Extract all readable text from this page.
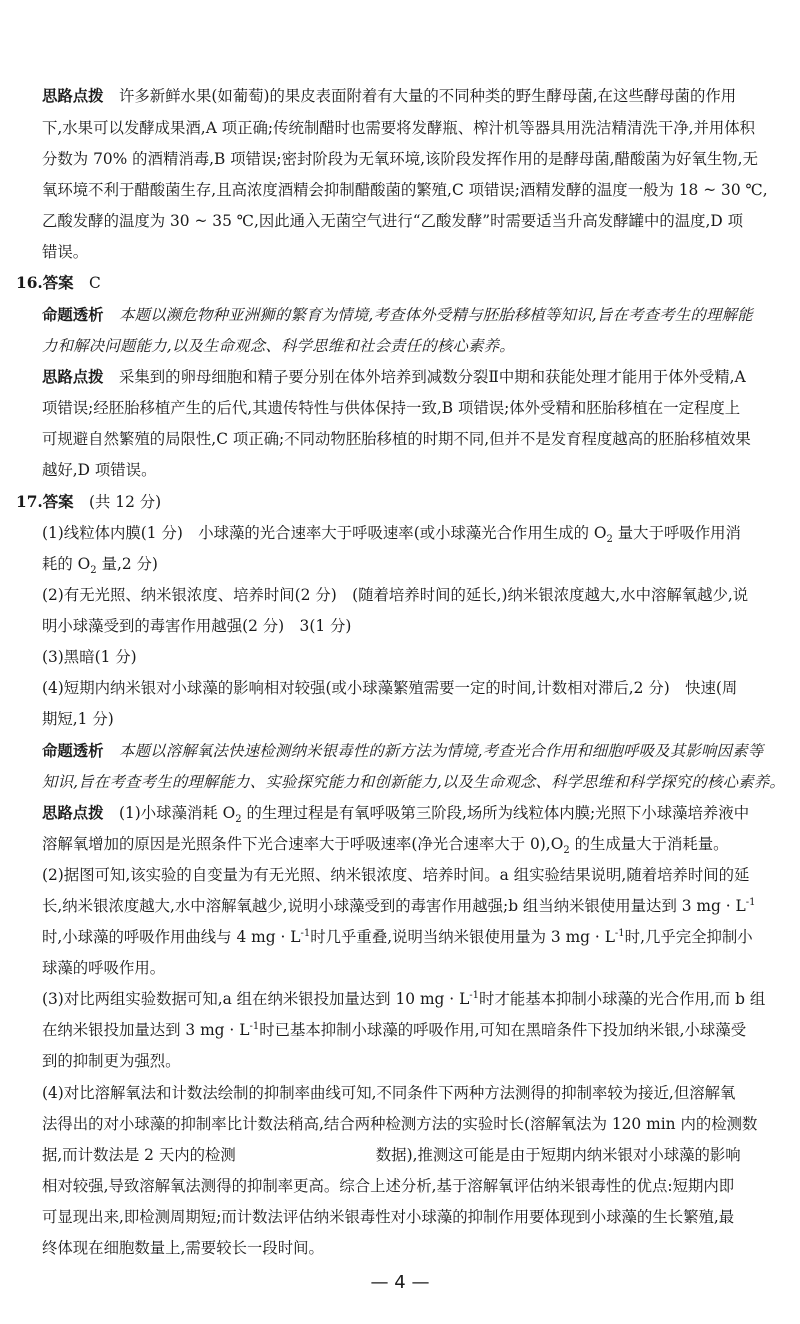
思路点拨　 许多新鲜水果(如葡萄)的果皮表面附着有大量的不同种类的野生酵母菌,在这些酵母菌的作用
下,水果可以发酵成果酒,A 项正确;传统制醋时也需要将发酵瓶、榨汁机等器具用洗洁精清洗干净,并用体积
分数为 70% 的酒精消毒,B 项错误;密封阶段为无氧环境,该阶段发挥作用的是酵母菌,醋酸菌为好氧生物,无
氧环境不利于醋酸菌生存,且高浓度酒精会抑制醋酸菌的繁殖,C 项错误;酒精发酵的温度一般为 18 ~ 30 ℃,
乙酸发酵的温度为 30 ~ 35 ℃,因此通入无菌空气进行“乙酸发酵”时需要适当升高发酵罐中的温度,D 项
错误。
16.答案　 C
命题透析　 本题以濒危物种亚洲狮的繁育为情境,考查体外受精与胚胎移植等知识,旨在考查考生的理解能
力和解决问题能力,以及生命观念、科学思维和社会责任的核心素养。
思路点拨　 采集到的卵母细胞和精子要分别在体外培养到减数分裂Ⅱ中期和获能处理才能用于体外受精,A
项错误;经胚胎移植产生的后代,其遗传特性与供体保持一致,B 项错误;体外受精和胚胎移植在一定程度上
可规避自然繁殖的局限性,C 项正确;不同动物胚胎移植的时期不同,但并不是发育程度越高的胚胎移植效果
越好,D 项错误。
17.答案　 (共 12 分)
(1)线粒体内膜(1 分)　小球藻的光合速率大于呼吸速率(或小球藻光合作用生成的 $O_2$ 量大于呼吸作用消
耗的 $O_2$ 量,2 分)
(2)有无光照、纳米银浓度、培养时间(2 分)　(随着培养时间的延长,)纳米银浓度越大,水中溶解氧越少,说
明小球藻受到的毒害作用越强(2 分)　3(1 分)
(3)黑暗(1 分)
(4)短期内纳米银对小球藻的影响相对较强(或小球藻繁殖需要一定的时间,计数相对滞后,2 分)　快速(周
期短,1 分)
命题透析　 本题以溶解氧法快速检测纳米银毒性的新方法为情境,考查光合作用和细胞呼吸及其影响因素等
知识,旨在考查考生的理解能力、实验探究能力和创新能力,以及生命观念、科学思维和科学探究的核心素养。
思路点拨　 (1)小球藻消耗 $O_2$ 的生理过程是有氧呼吸第三阶段,场所为线粒体内膜;光照下小球藻培养液中
溶解氧增加的原因是光照条件下光合速率大于呼吸速率(净光合速率大于 $0),O_2$ 的生成量大于消耗量。
(2)据图可知,该实验的自变量为有无光照、纳米银浓度、培养时间。a 组实验结果说明,随着培养时间的延
长,纳米银浓度越大,水中溶解氧越少,说明小球藻受到的毒害作用越强;b 组当纳米银使用量达到 3 mg · $L^{-1}$
时,小球藻的呼吸作用曲线与 4 mg · $L^{-1}$时几乎重叠,说明当纳米银使用量为 3 mg · $L^{-1}$时,几乎完全抑制小
球藻的呼吸作用。
(3)对比两组实验数据可知,a 组在纳米银投加量达到 10 mg · $L^{-1}$时才能基本抑制小球藻的光合作用,而 b 组
在纳米银投加量达到 3 mg · $L^{-1}$时已基本抑制小球藻的呼吸作用,可知在黑暗条件下投加纳米银,小球藻受
到的抑制更为强烈。
(4)对比溶解氧法和计数法绘制的抑制率曲线可知,不同条件下两种方法测得的抑制率较为接近,但溶解氧
法得出的对小球藻的抑制率比计数法稍高,结合两种检测方法的实验时长(溶解氧法为 120 min 内的检测数
据,而计数法是 2 天内的检测	数据),推测这可能是由于短期内纳米银对小球藻的影响
相对较强,导致溶解氧法测得的抑制率更高。综合上述分析,基于溶解氧评估纳米银毒性的优点:短期内即
可显现出来,即检测周期短;而计数法评估纳米银毒性对小球藻的抑制作用要体现到小球藻的生长繁殖,最
终体现在细胞数量上,需要较长一段时间。
— 4 —
